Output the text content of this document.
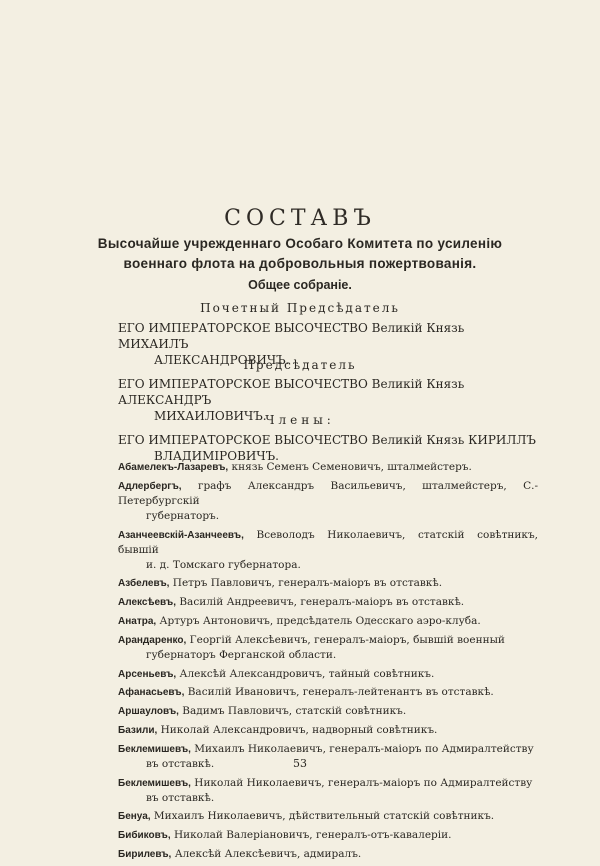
СОСТАВЪ
Высочайше учрежденнаго Особаго Комитета по усиленію военнаго флота на добровольныя пожертвованія.
Общее собраніе.
Почетный Предсѣдатель
ЕГО ИМПЕРАТОРСКОЕ ВЫСОЧЕСТВО Великій Князь МИХАИЛЪ
АЛЕКСАНДРОВИЧЪ.
Предсѣдатель
ЕГО ИМПЕРАТОРСКОЕ ВЫСОЧЕСТВО Великій Князь АЛЕКСАНДРЪ
МИХАИЛОВИЧЪ.
Члены:
ЕГО ИМПЕРАТОРСКОЕ ВЫСОЧЕСТВО Великій Князь КИРИЛЛЪ
ВЛАДИМІРОВИЧЪ.
Абамелекъ-Лазаревъ, князь Семенъ Семеновичъ, шталмейстеръ.
Адлербергъ, графъ Александръ Васильевичъ, шталмейстеръ, С.-Петербургскій
губернаторъ.
Азанчеевскій-Азанчеевъ, Всеволодъ Николаевичъ, статскій совѣтникъ, бывшій
и. д. Томскаго губернатора.
Азбелевъ, Петръ Павловичъ, генералъ-маіоръ въ отставкѣ.
Алексѣевъ, Василій Андреевичъ, генералъ-маіоръ въ отставкѣ.
Анатра, Артуръ Антоновичъ, предсѣдатель Одесскаго аэро-клуба.
Арандаренко, Георгій Алексѣевичъ, генералъ-маіоръ, бывшій военный
губернаторъ Ферганской области.
Арсеньевъ, Алексѣй Александровичъ, тайный совѣтникъ.
Афанасьевъ, Василій Ивановичъ, генералъ-лейтенантъ въ отставкѣ.
Аршауловъ, Вадимъ Павловичъ, статскій совѣтникъ.
Базили, Николай Александровичъ, надворный совѣтникъ.
Беклемишевъ, Михаилъ Николаевичъ, генералъ-маіоръ по Адмиралтейству
въ отставкѣ.
Беклемишевъ, Николай Николаевичъ, генералъ-маіоръ по Адмиралтейству
въ отставкѣ.
Бенуа, Михаилъ Николаевичъ, дѣйствительный статскій совѣтникъ.
Бибиковъ, Николай Валеріановичъ, генералъ-отъ-кавалеріи.
Бирилевъ, Алексѣй Алексѣевичъ, адмиралъ.
53
